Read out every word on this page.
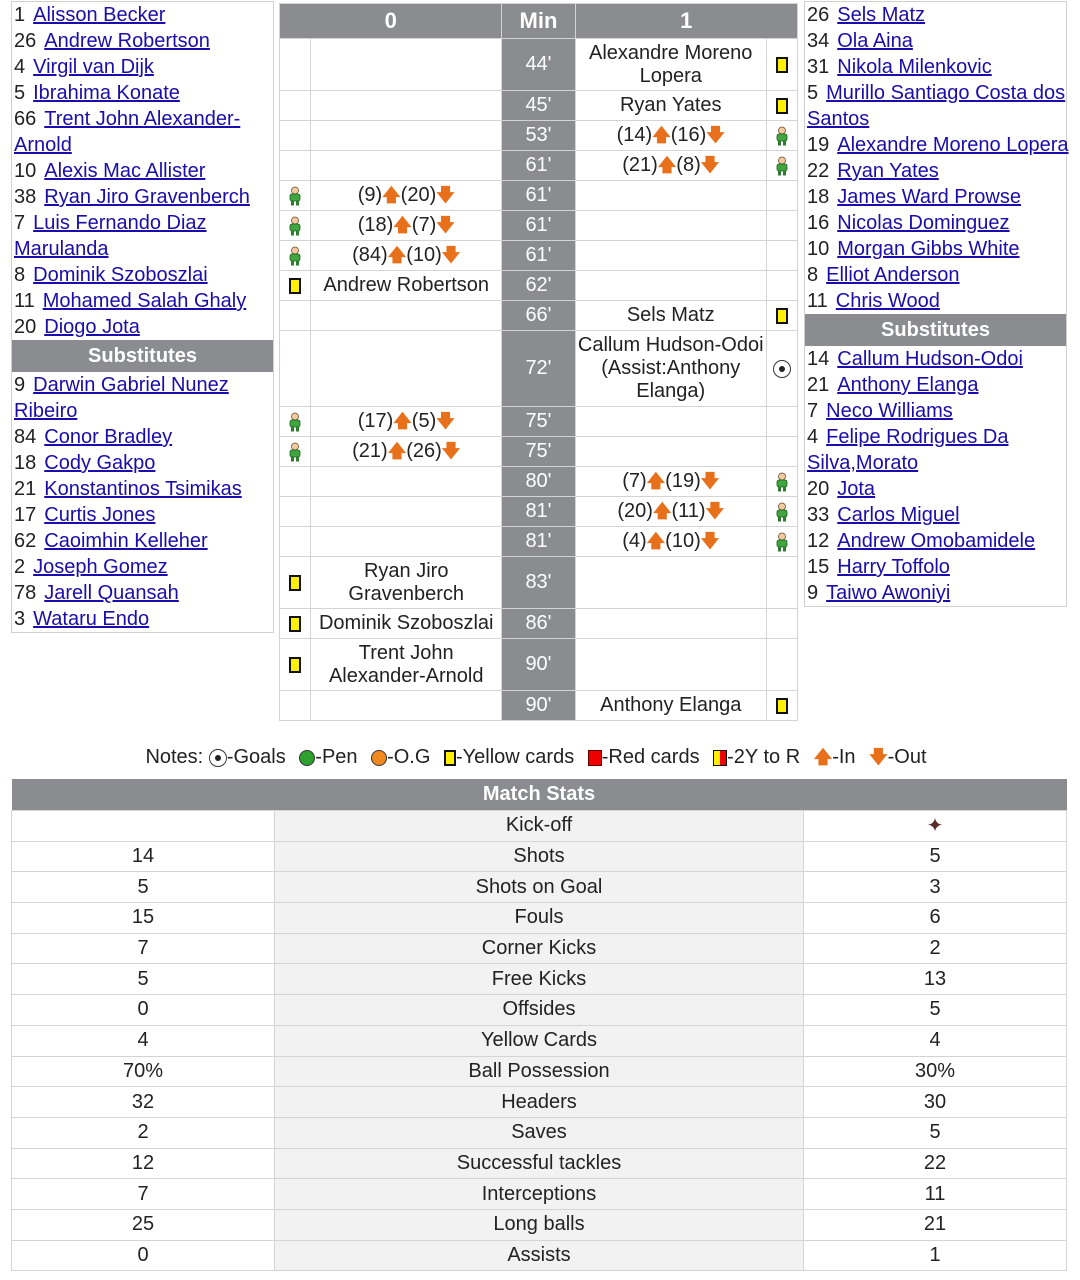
1 Alisson Becker
26 Andrew Robertson
4 Virgil van Dijk
5 Ibrahima Konate
66 Trent John Alexander-Arnold
10 Alexis Mac Allister
38 Ryan Jiro Gravenberch
7 Luis Fernando Diaz Marulanda
8 Dominik Szoboszlai
11 Mohamed Salah Ghaly
20 Diogo Jota
Substitutes
9 Darwin Gabriel Nunez Ribeiro
84 Conor Bradley
18 Cody Gakpo
21 Konstantinos Tsimikas
17 Curtis Jones
62 Caoimhin Kelleher
2 Joseph Gomez
78 Jarell Quansah
3 Wataru Endo
26 Sels Matz
34 Ola Aina
31 Nikola Milenkovic
5 Murillo Santiago Costa dos Santos
19 Alexandre Moreno Lopera
22 Ryan Yates
18 James Ward Prowse
16 Nicolas Dominguez
10 Morgan Gibbs White
8 Elliot Anderson
11 Chris Wood
Substitutes
14 Callum Hudson-Odoi
21 Anthony Elanga
7 Neco Williams
4 Felipe Rodrigues Da Silva,Morato
20 Jota
33 Carlos Miguel
12 Andrew Omobamidele
15 Harry Toffolo
9 Taiwo Awoniyi
0		Min	1	
		44'	Alexandre Moreno Lopera	
		45'	Ryan Yates	
		53'	(14)🡅(16)🡇	
		61'	(21)🡅(8)🡇	
	(9)🡅(20)🡇	61'		
	(18)🡅(7)🡇	61'		
	(84)🡅(10)🡇	61'		
	Andrew Robertson	62'		
		66'	Sels Matz	
		72'	Callum Hudson-Odoi (Assist:Anthony Elanga)	
	(17)🡅(5)🡇	75'		
	(21)🡅(26)🡇	75'		
		80'	(7)🡅(19)🡇	
		81'	(20)🡅(11)🡇	
		81'	(4)🡅(10)🡇	
	Ryan Jiro Gravenberch	83'		
	Dominik Szoboszlai	86'		
	Trent John Alexander-Arnold	90'		
		90'	Anthony Elanga	
Notes: -Goals -Pen -O.G -Yellow cards -Red cards -2Y to R 🡅-In 🡇-Out
Match Stats		
	Kick-off	✦
14	Shots	5
5	Shots on Goal	3
15	Fouls	6
7	Corner Kicks	2
5	Free Kicks	13
0	Offsides	5
4	Yellow Cards	4
70%	Ball Possession	30%
32	Headers	30
2	Saves	5
12	Successful tackles	22
7	Interceptions	11
25	Long balls	21
0	Assists	1
